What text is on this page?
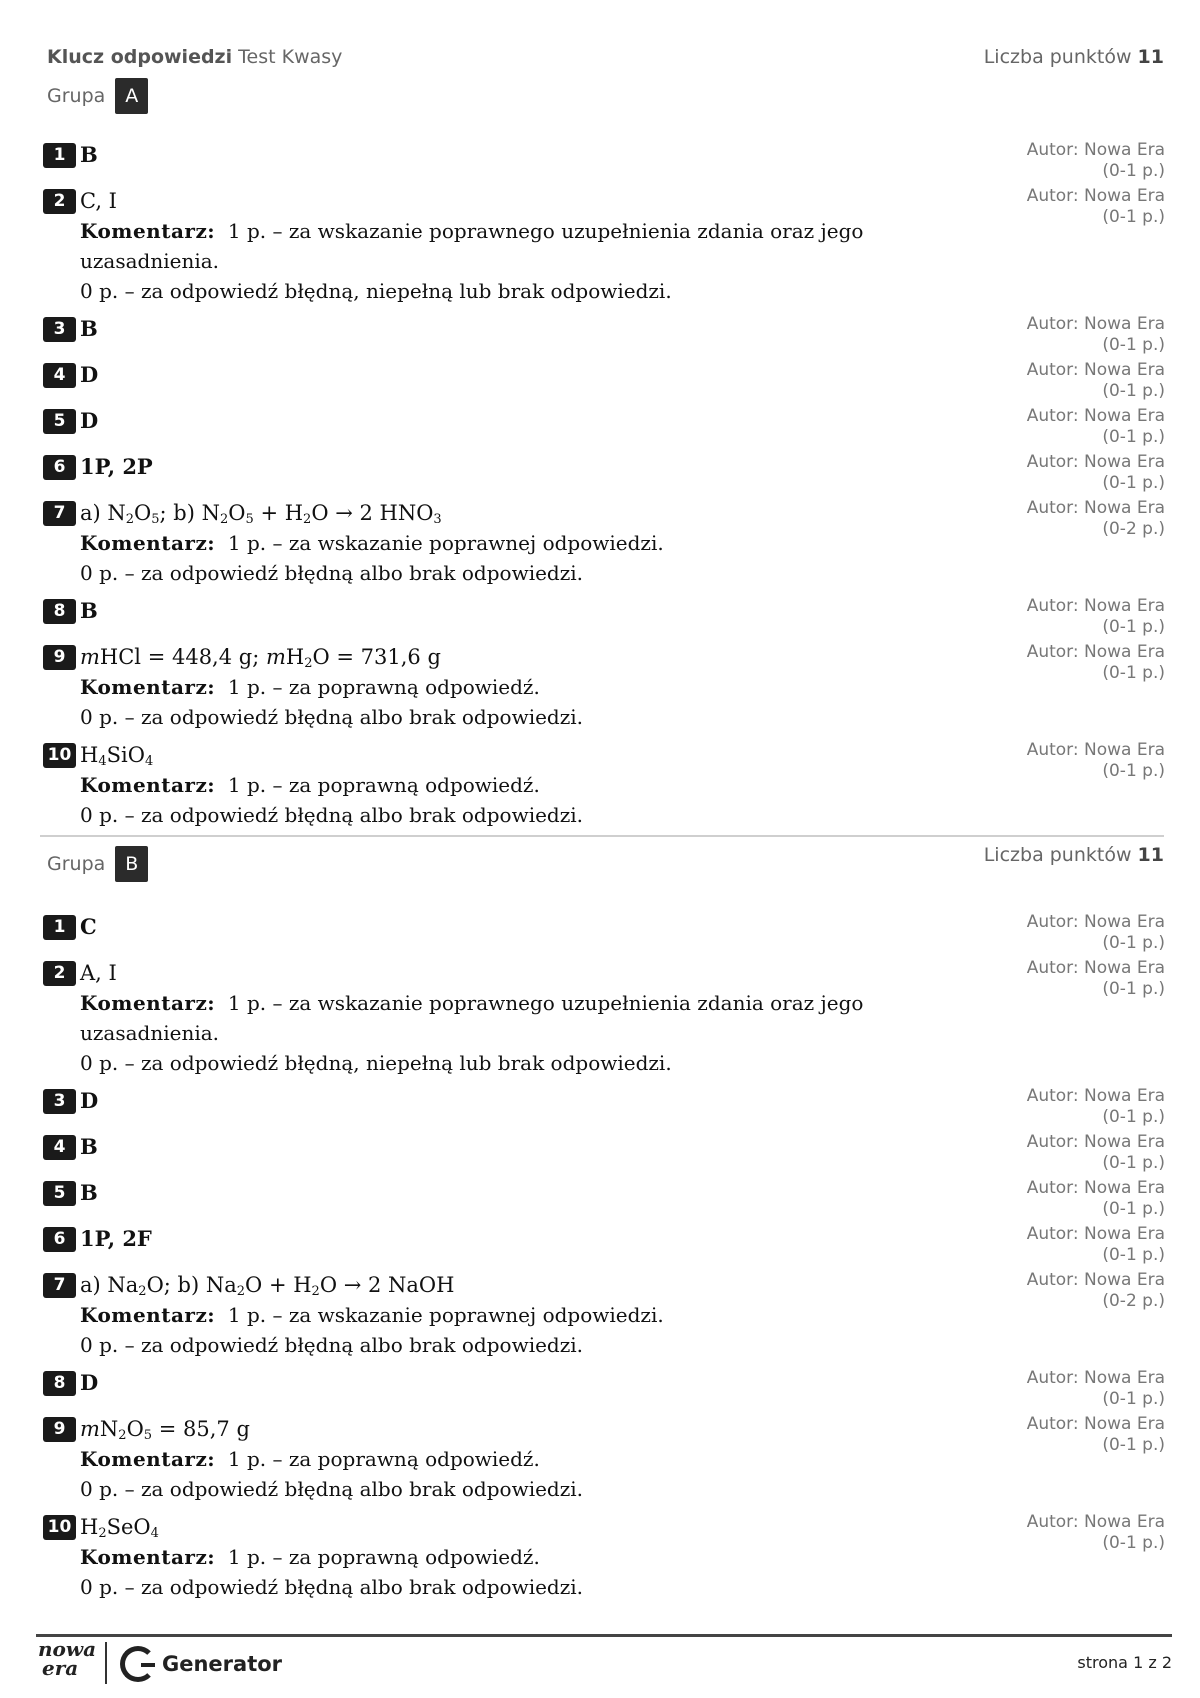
Klucz odpowiedzi Test Kwasy	Liczba punktów 11
Grupa	A
1 B	Autor: Nowa Era
(0-1 p.)
2 C, I	Autor: Nowa Era
(0-1 p.)
Komentarz: 1 p. – za wskazanie poprawnego uzupełnienia zdania oraz jego uzasadnienia.
0 p. – za odpowiedź błędną, niepełną lub brak odpowiedzi.
3 B	Autor: Nowa Era
(0-1 p.)
4 D	Autor: Nowa Era
(0-1 p.)
5 D	Autor: Nowa Era
(0-1 p.)
6 1P, 2P	Autor: Nowa Era
(0-1 p.)
7 a) $N_2O_5$; b) $N_2O_5 + H_2O \to 2$ $HNO_3$
Autor: Nowa Era
(0-2 p.)
Komentarz: 1 p. – za wskazanie poprawnej odpowiedzi.
0 p. – za odpowiedź błędną albo brak odpowiedzi.
8 B	Autor: Nowa Era
(0-1 p.)
9 mHCl = 448,4 g; $mH_2O = 731,6$ g	Autor: Nowa Era
(0-1 p.)
Komentarz: 1 p. – za poprawną odpowiedź.
0 p. – za odpowiedź błędną albo brak odpowiedzi.
10 $H_4SiO_4$
Autor: Nowa Era
(0-1 p.)
Komentarz: 1 p. – za poprawną odpowiedź.
0 p. – za odpowiedź błędną albo brak odpowiedzi.
Grupa	B	Liczba punktów 11
1 C	Autor: Nowa Era
(0-1 p.)
2 A, I	Autor: Nowa Era
(0-1 p.)
Komentarz: 1 p. – za wskazanie poprawnego uzupełnienia zdania oraz jego uzasadnienia.
0 p. – za odpowiedź błędną, niepełną lub brak odpowiedzi.
3 D	Autor: Nowa Era
(0-1 p.)
4 B	Autor: Nowa Era
(0-1 p.)
5 B	Autor: Nowa Era
(0-1 p.)
6 1P, 2F	Autor: Nowa Era
(0-1 p.)
7 a) $Na_2O$; b) $Na_2O + H_2O \to 2$ NaOH	Autor: Nowa Era
(0-2 p.)
Komentarz: 1 p. – za wskazanie poprawnej odpowiedzi.
0 p. – za odpowiedź błędną albo brak odpowiedzi.
8 D	Autor: Nowa Era
(0-1 p.)
9 $mN_2O_5 = 85,7$ g	Autor: Nowa Era
(0-1 p.)
Komentarz: 1 p. – za poprawną odpowiedź.
0 p. – za odpowiedź błędną albo brak odpowiedzi.
10 $H_2SeO_4$
Autor: Nowa Era
(0-1 p.)
Komentarz: 1 p. – za poprawną odpowiedź.
0 p. – za odpowiedź błędną albo brak odpowiedzi.
nowa
era	Generator	strona 1 z 2
